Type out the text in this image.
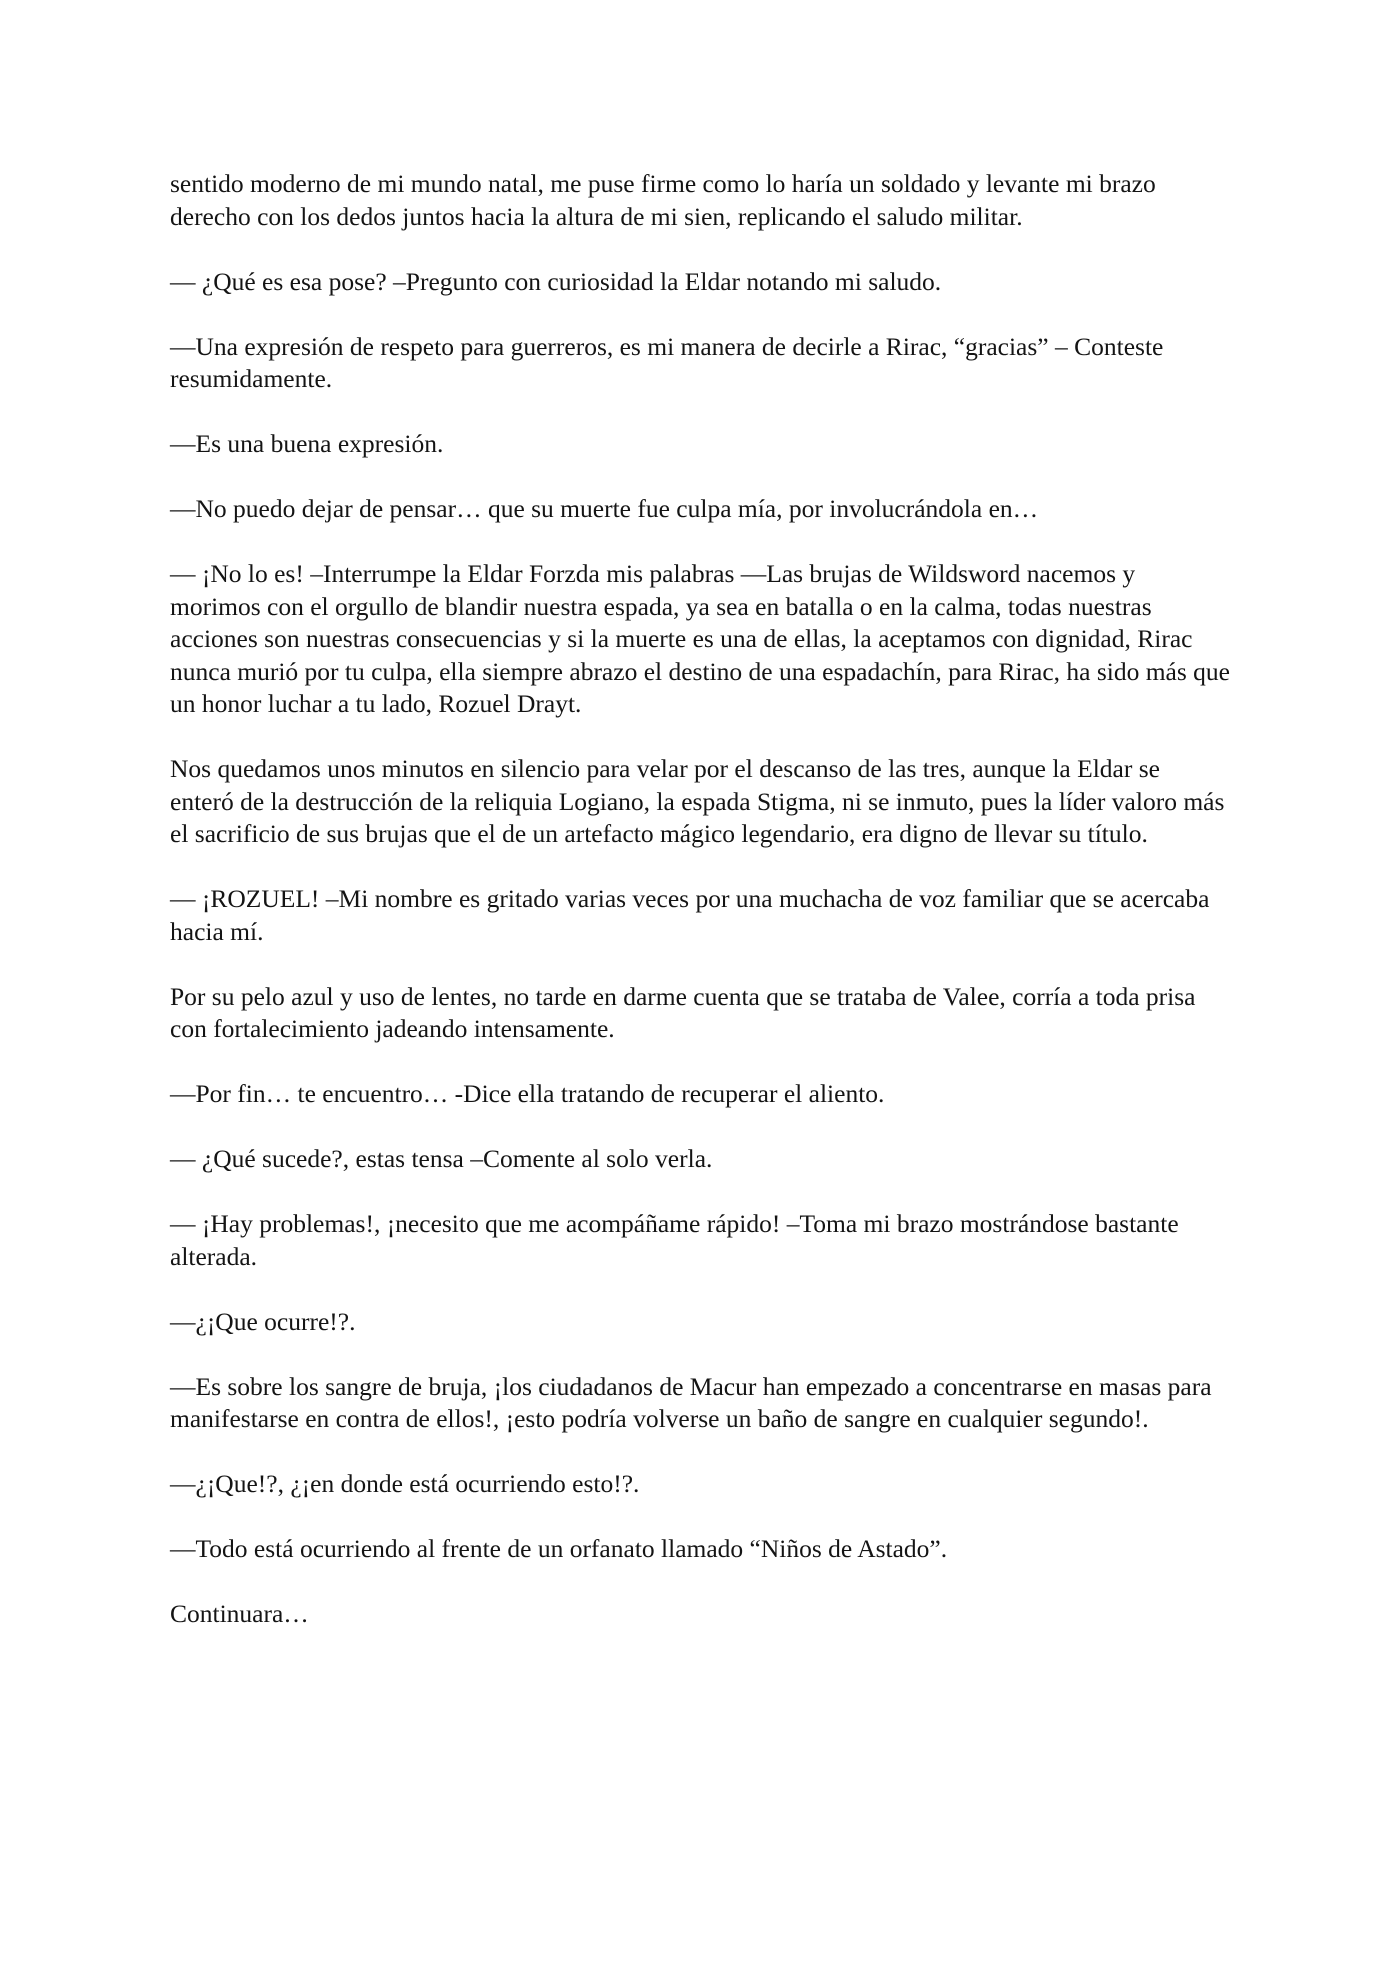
sentido moderno de mi mundo natal, me puse firme como lo haría un soldado y levante mi brazo derecho con los dedos juntos hacia la altura de mi sien, replicando el saludo militar.

— ¿Qué es esa pose? –Pregunto con curiosidad la Eldar notando mi saludo.

—Una expresión de respeto para guerreros, es mi manera de decirle a Rirac, “gracias” – Conteste resumidamente.

—Es una buena expresión.

—No puedo dejar de pensar… que su muerte fue culpa mía, por involucrándola en…

— ¡No lo es! –Interrumpe la Eldar Forzda mis palabras —Las brujas de Wildsword nacemos y morimos con el orgullo de blandir nuestra espada, ya sea en batalla o en la calma, todas nuestras acciones son nuestras consecuencias y si la muerte es una de ellas, la aceptamos con dignidad, Rirac nunca murió por tu culpa, ella siempre abrazo el destino de una espadachín, para Rirac, ha sido más que un honor luchar a tu lado, Rozuel Drayt.

Nos quedamos unos minutos en silencio para velar por el descanso de las tres, aunque la Eldar se enteró de la destrucción de la reliquia Logiano, la espada Stigma, ni se inmuto, pues la líder valoro más el sacrificio de sus brujas que el de un artefacto mágico legendario, era digno de llevar su título.

— ¡ROZUEL! –Mi nombre es gritado varias veces por una muchacha de voz familiar que se acercaba hacia mí.

Por su pelo azul y uso de lentes, no tarde en darme cuenta que se trataba de Valee, corría a toda prisa con fortalecimiento jadeando intensamente.

—Por fin… te encuentro… -Dice ella tratando de recuperar el aliento.

— ¿Qué sucede?, estas tensa –Comente al solo verla.

— ¡Hay problemas!, ¡necesito que me acompáñame rápido! –Toma mi brazo mostrándose bastante alterada.

—¿¡Que ocurre!?.

—Es sobre los sangre de bruja, ¡los ciudadanos de Macur han empezado a concentrarse en masas para manifestarse en contra de ellos!, ¡esto podría volverse un baño de sangre en cualquier segundo!.

—¿¡Que!?, ¿¡en donde está ocurriendo esto!?.

—Todo está ocurriendo al frente de un orfanato llamado “Niños de Astado”.

Continuara…
